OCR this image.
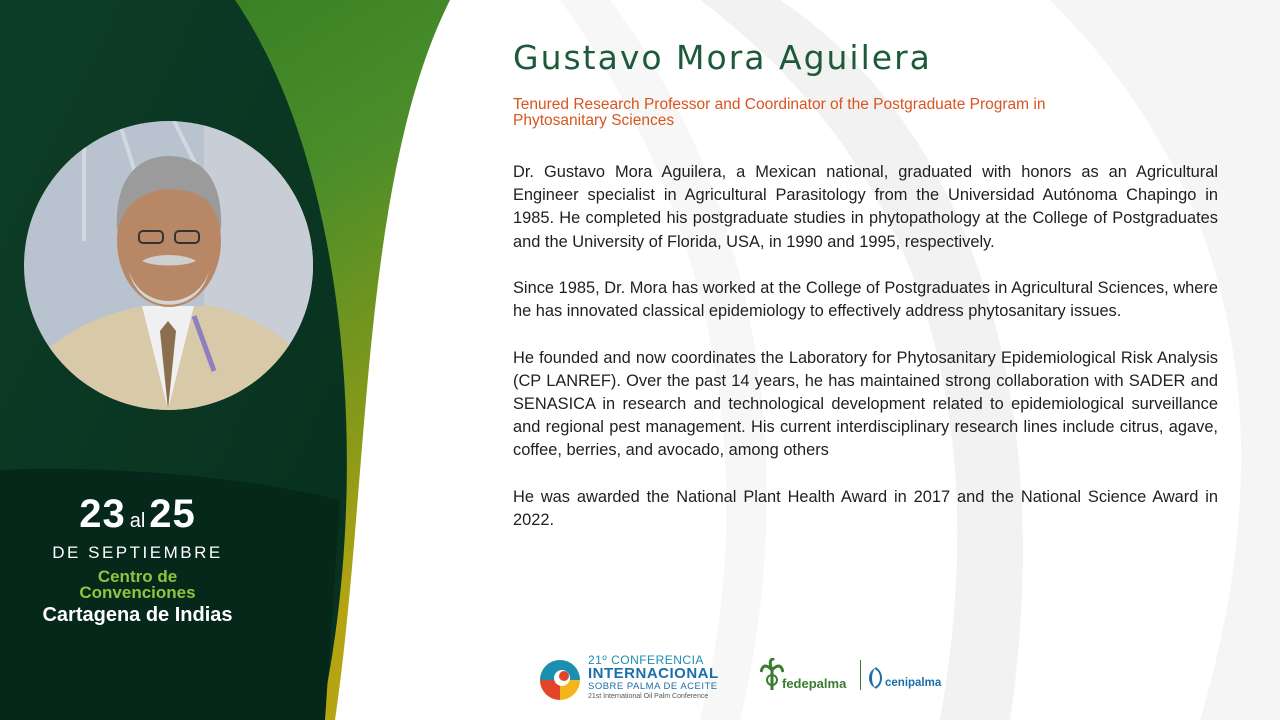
23 al 25
DE SEPTIEMBRE
Centro de Convenciones
Cartagena de Indias
Gustavo Mora Aguilera
Tenured Research Professor and Coordinator of the Postgraduate Program in Phytosanitary Sciences

Dr. Gustavo Mora Aguilera, a Mexican national, graduated with honors as an Agricultural Engineer specialist in Agricultural Parasitology from the Universidad Autónoma Chapingo in 1985. He completed his postgraduate studies in phytopathology at the College of Postgraduates and the University of Florida, USA, in 1990 and 1995, respectively.

Since 1985, Dr. Mora has worked at the College of Postgraduates in Agricultural Sciences, where he has innovated classical epidemiology to effectively address phytosanitary issues.

He founded and now coordinates the Laboratory for Phytosanitary Epidemiological Risk Analysis (CP LANREF). Over the past 14 years, he has maintained strong collaboration with SADER and SENASICA in research and technological development related to epidemiological surveillance and regional pest management. His current interdisciplinary research lines include citrus, agave, coffee, berries, and avocado, among others

He was awarded the National Plant Health Award in 2017 and the National Science Award in 2022.

21º CONFERENCIA
INTERNACIONAL
SOBRE PALMA DE ACEITE
21st International Oil Palm Conference
fedepalma	cenipalma
